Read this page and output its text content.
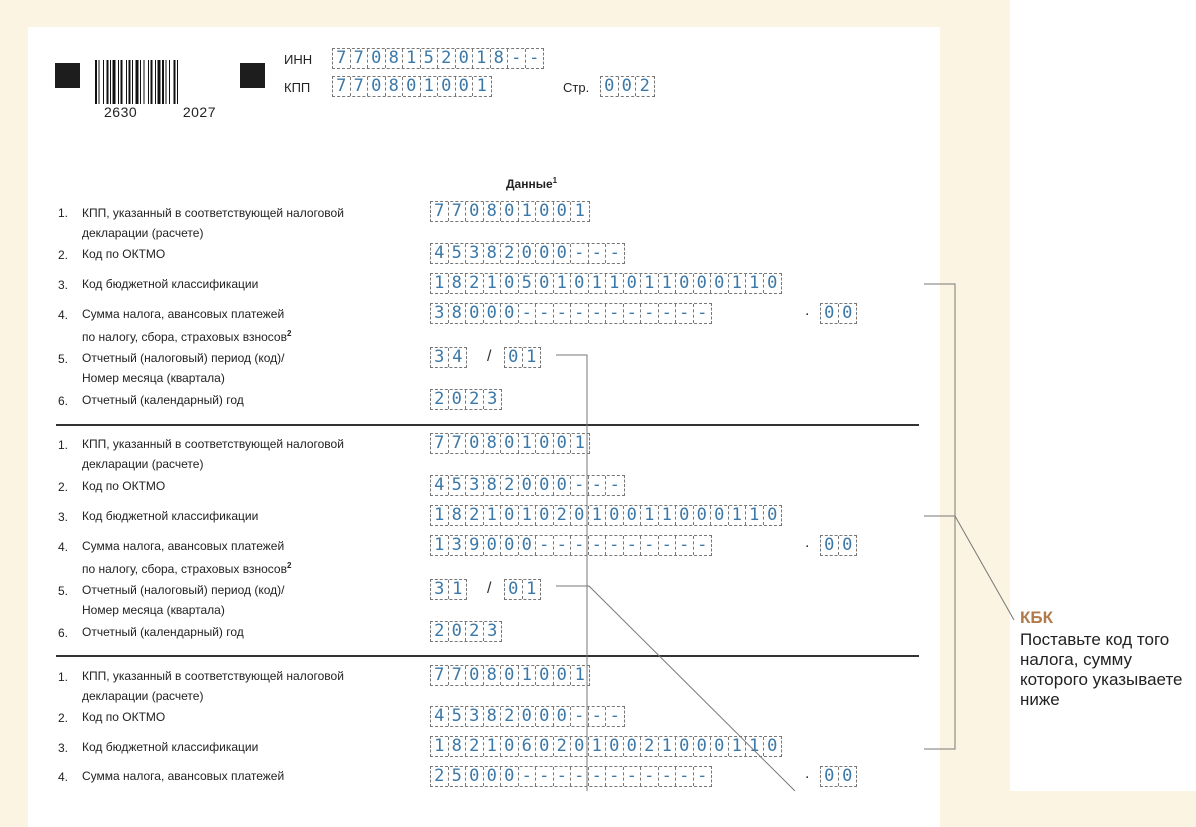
2630	2027
ИНН 7 7 0 8 1 5 2 0 1 8 - -
КПП 7 7 0 8 0 1 0 0 1	Стр. 0 0 2
Данные$^1$
1. КПП, указанный в соответствующей налоговой
декларации (расчете)
7 7 0 8 0 1 0 0 1
2. Код по ОКТМО	4 5 3 8 2 0 0 0 - - -
3. Код бюджетной классификации	1 8 2 1 0 5 0 1 0 1 1 0 1 1 0 0 0 1 1 0
4. Сумма налога, авансовых платежей
по налогу, сбора, страховых взносов$^2$
3 8 0 0 0 - - - - - - - - - - -	. 0 0
5. Отчетный (налоговый) период (код)/
Номер месяца (квартала)
3 4 / 0 1
6. Отчетный (календарный) год	2 0 2 3
1. КПП, указанный в соответствующей налоговой
декларации (расчете)
7 7 0 8 0 1 0 0 1
2. Код по ОКТМО	4 5 3 8 2 0 0 0 - - -
3. Код бюджетной классификации	1 8 2 1 0 1 0 2 0 1 0 0 1 1 0 0 0 1 1 0
4. Сумма налога, авансовых платежей
по налогу, сбора, страховых взносов$^2$
1 3 9 0 0 0 - - - - - - - - - -	. 0 0
5. Отчетный (налоговый) период (код)/
Номер месяца (квартала)
3 1 / 0 1
6. Отчетный (календарный) год	2 0 2 3
1. КПП, указанный в соответствующей налоговой
декларации (расчете)
7 7 0 8 0 1 0 0 1
2. Код по ОКТМО	4 5 3 8 2 0 0 0 - - -
3. Код бюджетной классификации	1 8 2 1 0 6 0 2 0 1 0 0 2 1 0 0 0 1 1 0
4. Сумма налога, авансовых платежей	2 5 0 0 0 - - - - - - - - - - -	. 0 0
КБК
Поставьте код того налога, сумму которого указываете ниже
